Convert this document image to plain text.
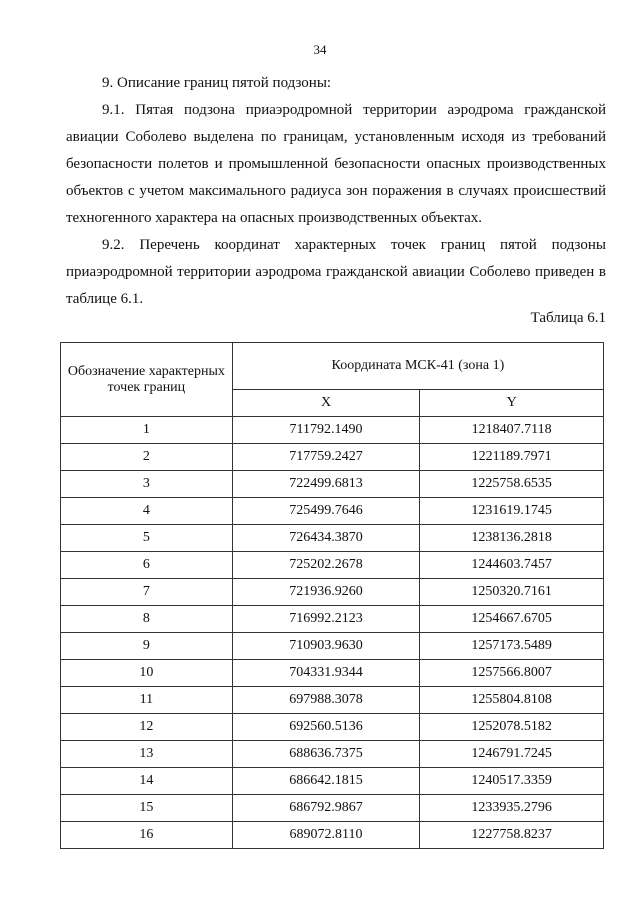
34
9. Описание границ пятой подзоны:
9.1. Пятая подзона приаэродромной территории аэродрома гражданской авиации Соболево выделена по границам, установленным исходя из требований безопасности полетов и промышленной безопасности опасных производственных объектов с учетом максимального радиуса зон поражения в случаях происшествий техногенного характера на опасных производственных объектах.
9.2. Перечень координат характерных точек границ пятой подзоны приаэродромной территории аэродрома гражданской авиации Соболево приведен в таблице 6.1.
Таблица 6.1
Обозначение характерных точек границ	Координата МСК-41 (зона 1)	

	X	Y
1	711792.1490	1218407.7118
2	717759.2427	1221189.7971
3	722499.6813	1225758.6535
4	725499.7646	1231619.1745
5	726434.3870	1238136.2818
6	725202.2678	1244603.7457
7	721936.9260	1250320.7161
8	716992.2123	1254667.6705
9	710903.9630	1257173.5489
10	704331.9344	1257566.8007
11	697988.3078	1255804.8108
12	692560.5136	1252078.5182
13	688636.7375	1246791.7245
14	686642.1815	1240517.3359
15	686792.9867	1233935.2796
16	689072.8110	1227758.8237
